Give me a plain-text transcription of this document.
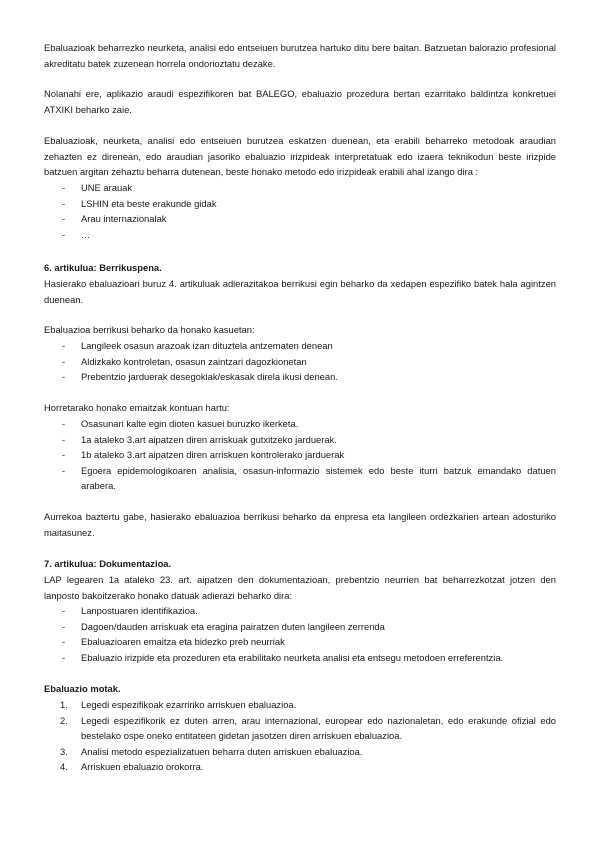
Ebaluazioak beharrezko neurketa, analisi edo entseiuen burutzea hartuko ditu bere baitan. Batzuetan balorazio profesional akreditatu batek zuzenean horrela ondorioztatu dezake.

Nolanahi ere, aplikazio araudi espezifikoren bat BALEGO, ebaluazio prozedura bertan ezarritako baldintza konkretuei ATXIKI beharko zaie.

Ebaluazioak, neurketa, analisi edo entseiuen burutzea eskatzen duenean, eta erabili beharreko metodoak araudian zehazten ez direnean, edo araudian jasoriko ebaluazio irizpideak interpretatuak edo izaera teknikodun beste irizpide batzuen argitan zehaztu beharra dutenean, beste honako metodo edo irizpideak erabili ahal izango dira :

- UNE arauak
- LSHIN eta beste erakunde gidak
- Arau internazionalak
- …

6. artikulua: Berrikuspena.

Hasierako ebaluazioari buruz 4. artikuluak adierazitakoa berrikusi egin beharko da xedapen espezifiko batek hala agintzen duenean.

Ebaluazioa berrikusi beharko da honako kasuetan:

- Langileek osasun arazoak izan dituztela antzematen denean
- Aldizkako kontroletan, osasun zaintzari dagozkionetan
- Prebentzio jarduerak desegokiak/eskasak direla ikusi denean.

Horretarako honako emaitzak kontuan hartu:

- Osasunari kalte egin dioten kasuei buruzko ikerketa.
- 1a ataleko 3.art aipatzen diren arriskuak gutxitzeko jarduerak.
- 1b ataleko 3.art aipatzen diren arriskuen kontrolerako jarduerak
- Egoera epidemologikoaren analisia, osasun-informazio sistemek edo beste iturri batzuk emandako datuen arabera.

Aurrekoa baztertu gabe, hasierako ebaluazioa berrikusi beharko da enpresa eta langileen ordezkarien artean adosturiko maitasunez.

7. artikulua: Dokumentazioa.

LAP legearen 1a ataleko 23. art. aipatzen den dokumentazioan, prebentzio neurrien bat beharrezkotzat jotzen den lanposto bakoitzerako honako datuak adierazi beharko dira:

- Lanpostuaren identifikazioa.
- Dagoen/dauden arriskuak eta eragina pairatzen duten langileen zerrenda
- Ebaluazioaren emaitza eta bidezko preb neurriak
- Ebaluazio irizpide eta prozeduren eta erabilitako neurketa analisi eta entsegu metodoen erreferentzia.

Ebaluazio motak.

1. Legedi espezifikoak ezarririko arriskuen ebaluazioa.
2. Legedi espezifikorik ez duten arren, arau internazional, europear edo nazionaletan, edo erakunde ofizial edo bestelako ospe oneko entitateen gidetan jasotzen diren arriskuen ebaluazioa.
3. Analisi metodo espezializatuen beharra duten arriskuen ebaluazioa.
4. Arriskuen ebaluazio orokorra.
